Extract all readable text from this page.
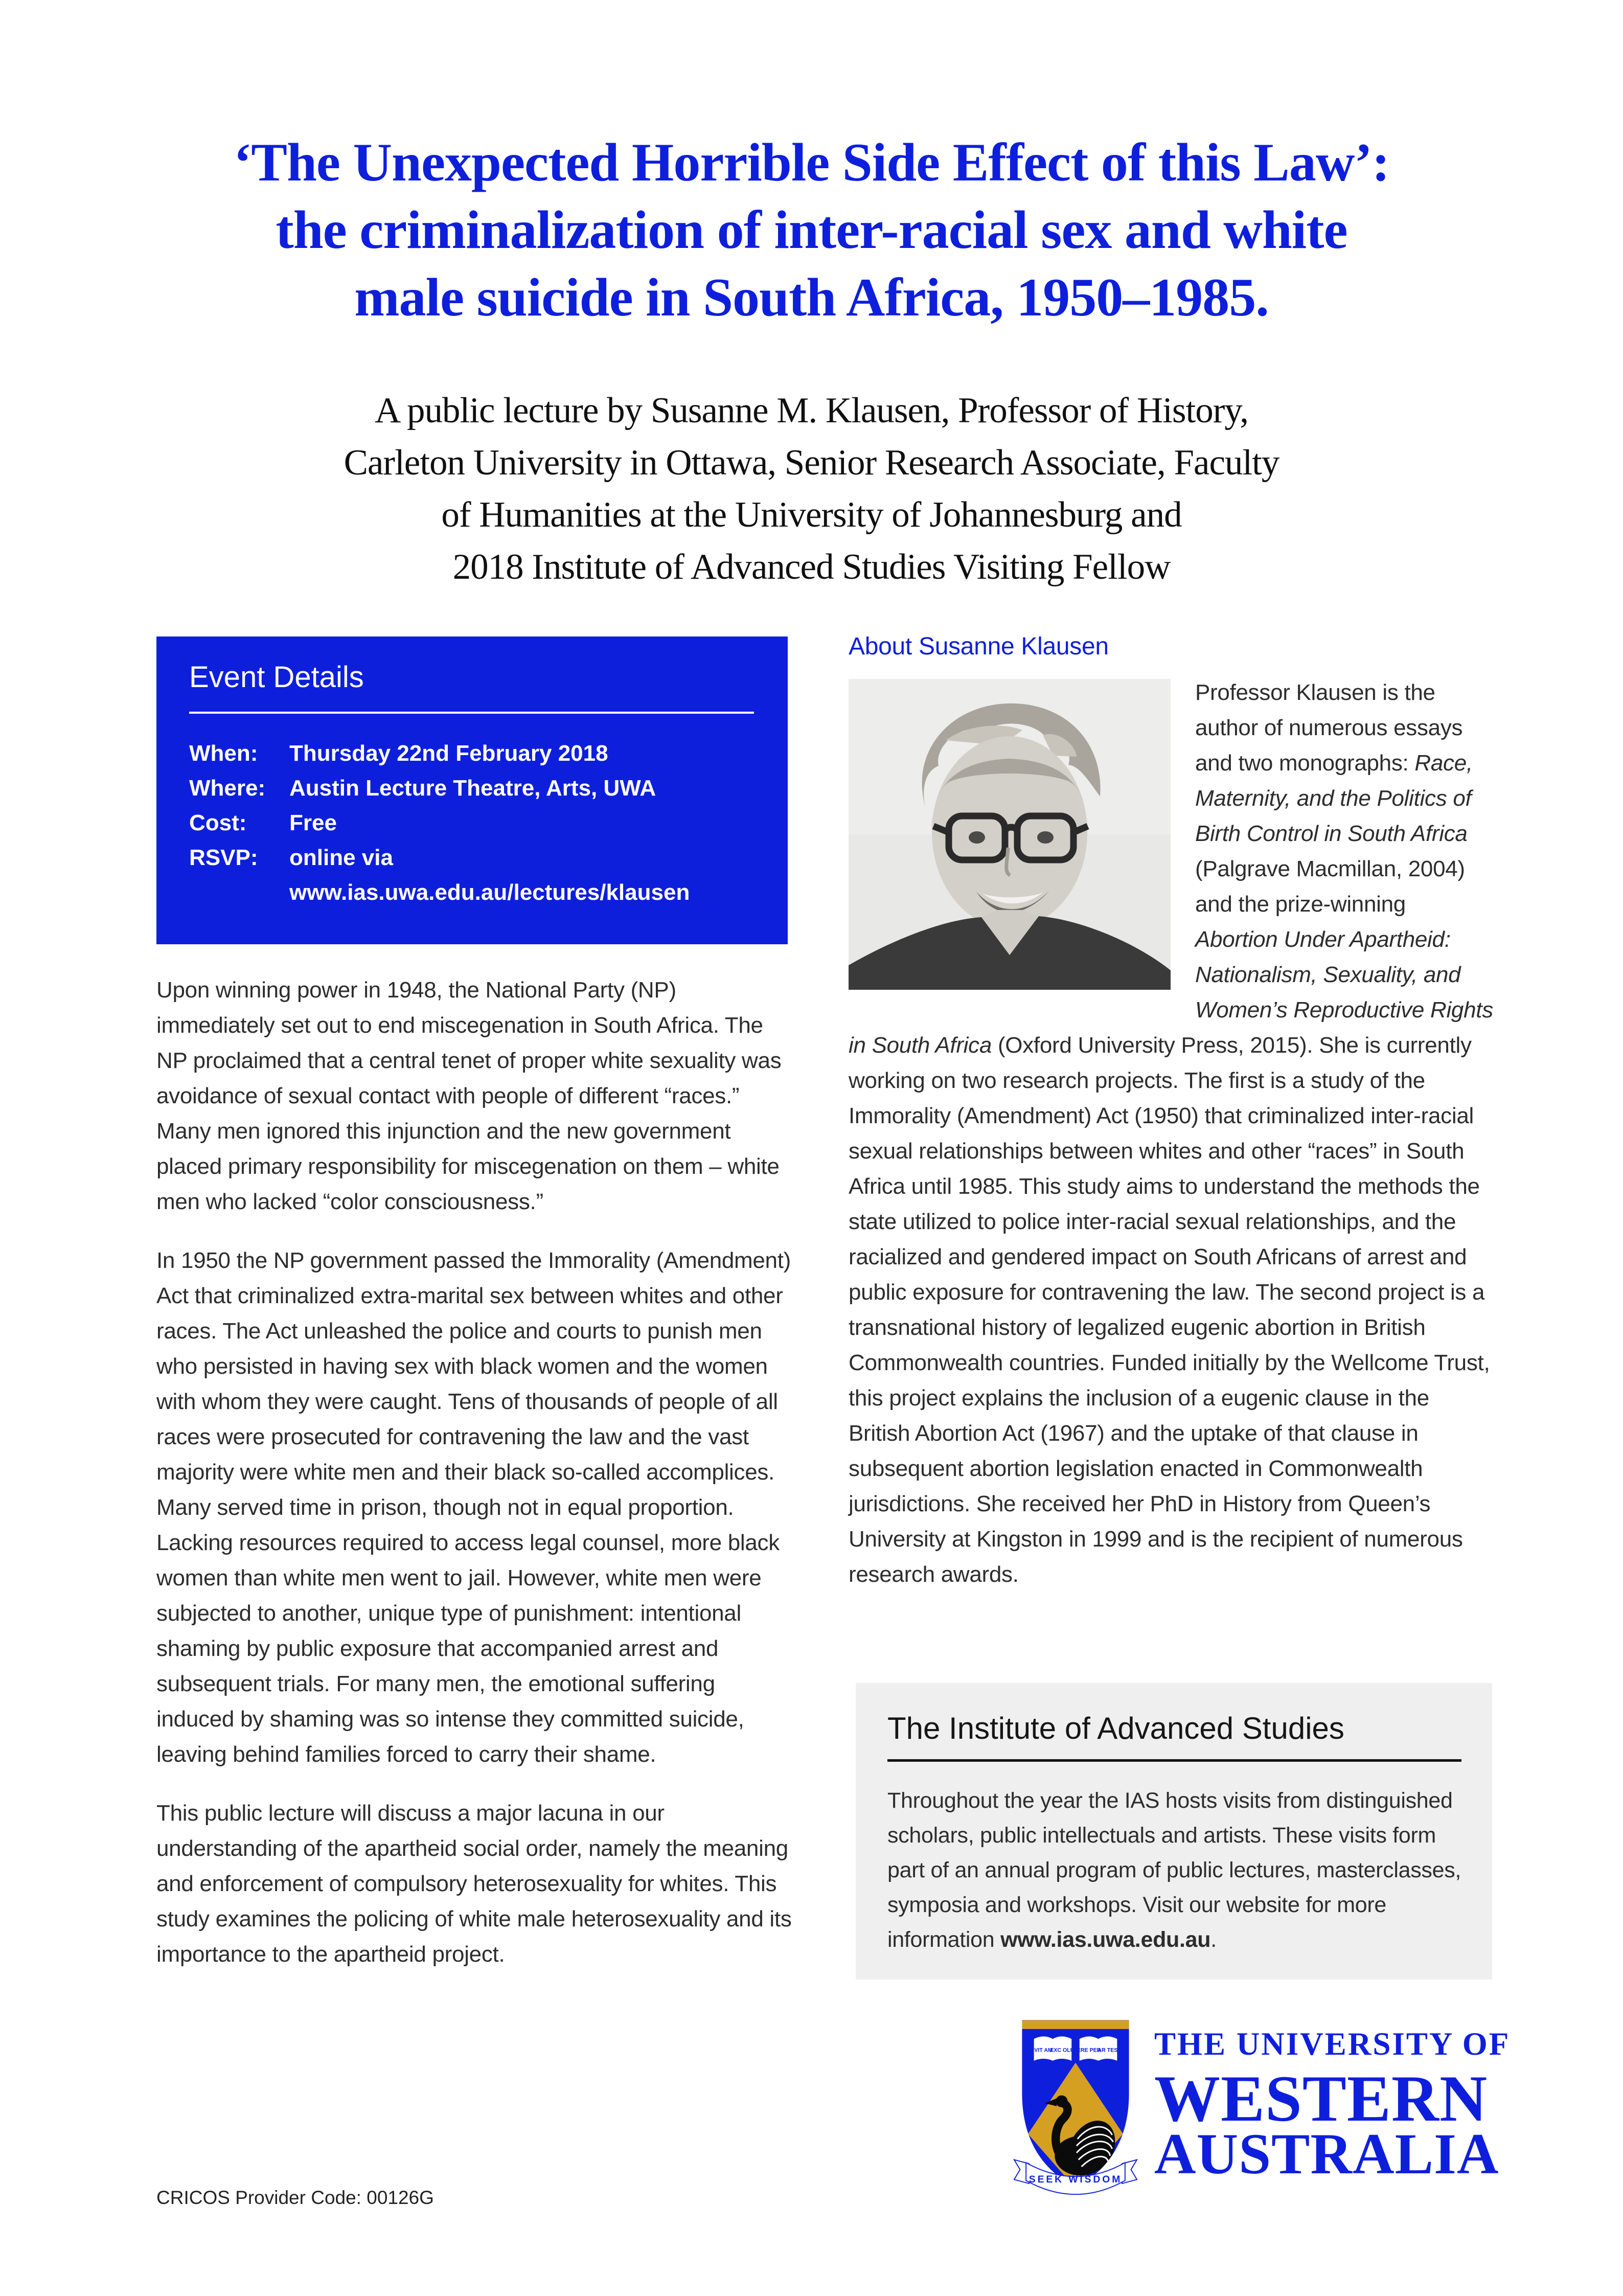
‘The Unexpected Horrible Side Effect of this Law’:
the criminalization of inter-racial sex and white
male suicide in South Africa, 1950–1985.
A public lecture by Susanne M. Klausen, Professor of History,
Carleton University in Ottawa, Senior Research Associate, Faculty
of Humanities at the University of Johannesburg and
2018 Institute of Advanced Studies Visiting Fellow
Event Details
When:	Thursday 22nd February 2018
Where:	Austin Lecture Theatre, Arts, UWA
Cost:	Free
RSVP:	online via
www.ias.uwa.edu.au/lectures/klausen

Upon winning power in 1948, the National Party (NP) immediately set out to end miscegenation in South Africa. The NP proclaimed that a central tenet of proper white sexuality was avoidance of sexual contact with people of different “races.” Many men ignored this injunction and the new government placed primary responsibility for miscegenation on them – white men who lacked “color consciousness.”

In 1950 the NP government passed the Immorality (Amendment) Act that criminalized extra-marital sex between whites and other races. The Act unleashed the police and courts to punish men who persisted in having sex with black women and the women with whom they were caught. Tens of thousands of people of all races were prosecuted for contravening the law and the vast majority were white men and their black so-called accomplices. Many served time in prison, though not in equal proportion. Lacking resources required to access legal counsel, more black women than white men went to jail. However, white men were subjected to another, unique type of punishment: intentional shaming by public exposure that accompanied arrest and subsequent trials. For many men, the emotional suffering induced by shaming was so intense they committed suicide, leaving behind families forced to carry their shame.

This public lecture will discuss a major lacuna in our understanding of the apartheid social order, namely the meaning and enforcement of compulsory heterosexuality for whites. This study examines the policing of white male heterosexuality and its importance to the apartheid project.

About Susanne Klausen
Professor Klausen is the author of numerous essays and two monographs: Race, Maternity, and the Politics of Birth Control in South Africa (Palgrave Macmillan, 2004) and the prize-winning Abortion Under Apartheid: Nationalism, Sexuality, and Women’s Reproductive Rights in South Africa (Oxford University Press, 2015). She is currently working on two research projects. The first is a study of the Immorality (Amendment) Act (1950) that criminalized inter-racial sexual relationships between whites and other “races” in South Africa until 1985. This study aims to understand the methods the state utilized to police inter-racial sexual relationships, and the racialized and gendered impact on South Africans of arrest and public exposure for contravening the law. The second project is a transnational history of legalized eugenic abortion in British Commonwealth countries. Funded initially by the Wellcome Trust, this project explains the inclusion of a eugenic clause in the British Abortion Act (1967) and the uptake of that clause in subsequent abortion legislation enacted in Commonwealth jurisdictions. She received her PhD in History from Queen’s University at Kingston in 1999 and is the recipient of numerous research awards.
The Institute of Advanced Studies
Throughout the year the IAS hosts visits from distinguished scholars, public intellectuals and artists. These visits form part of an annual program of public lectures, masterclasses, symposia and workshops. Visit our website for more information www.ias.uwa.edu.au.
VIT AM
EXC OLU ERE PER
AR TES
SEEK WISDOM
THE UNIVERSITY OF
WESTERN
AUSTRALIA
CRICOS Provider Code: 00126G
